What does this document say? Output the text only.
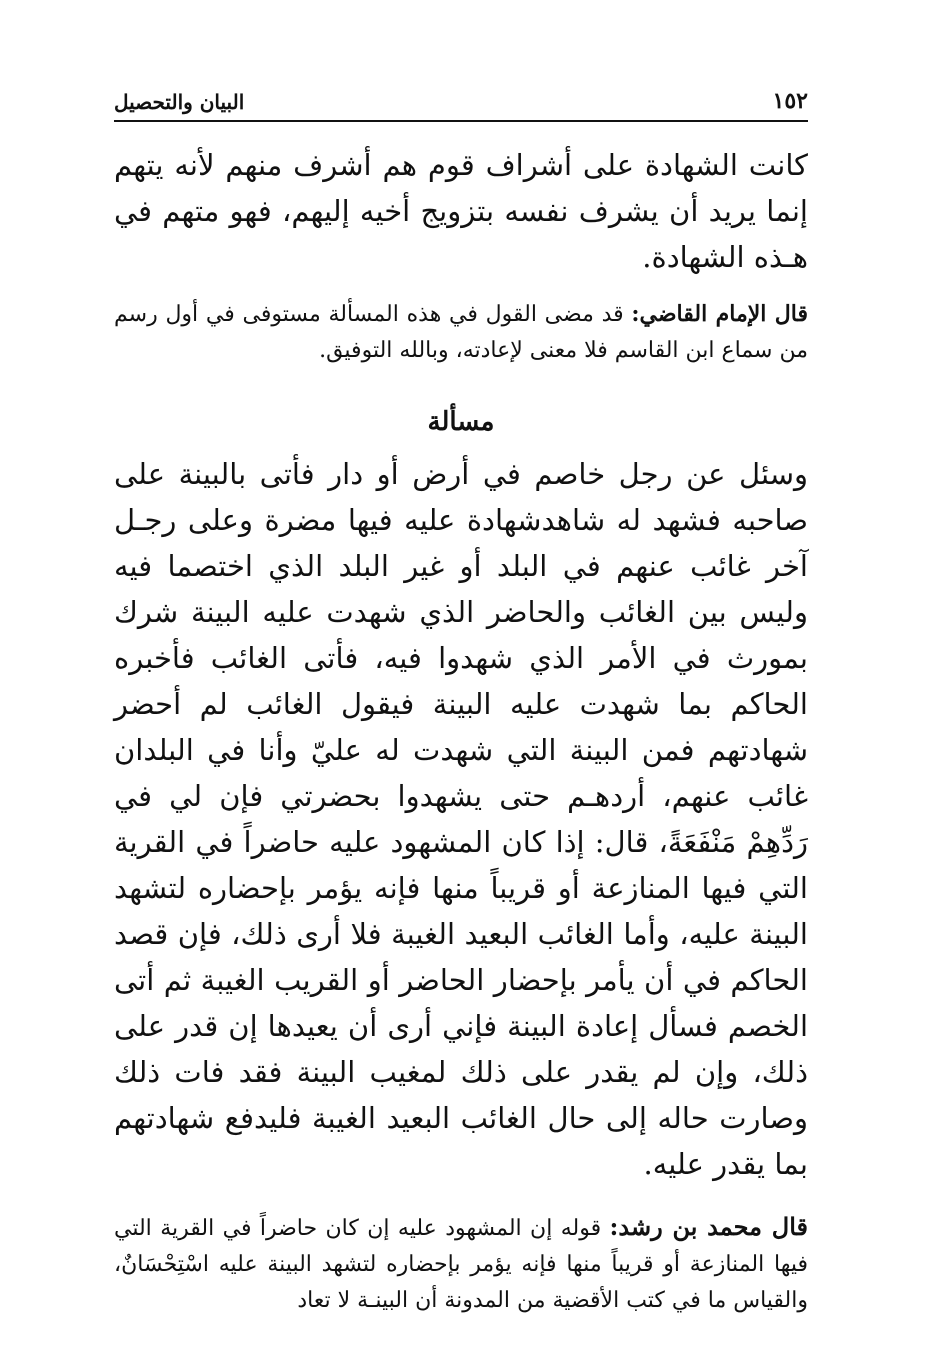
١٥٢
البيان والتحصيل

كانت الشهادة على أشراف قوم هم أشرف منهم لأنه يتهم إنما يريد أن يشرف نفسه بتزويج أخيه إليهم، فهو متهم في هـذه الشهادة.

قال الإمام القاضي: قد مضى القول في هذه المسألة مستوفى في أول رسم من سماع ابن القاسم فلا معنى لإعادته، وبالله التوفيق.

مسألة

وسئل عن رجل خاصم في أرض أو دار فأتى بالبينة على صاحبه فشهد له شاهدشهادة عليه فيها مضرة وعلى رجـل آخر غائب عنهم في البلد أو غير البلد الذي اختصما فيه وليس بين الغائب والحاضر الذي شهدت عليه البينة شرك بمورث في الأمر الذي شهدوا فيه، فأتى الغائب فأخبره الحاكم بما شهدت عليه البينة فيقول الغائب لم أحضر شهادتهم فمن البينة التي شهدت له عليّ وأنا في البلدان غائب عنهم، أردهـم حتى يشهدوا بحضرتي فإن لي في رَدِّهِمْ مَنْفَعَةً، قال: إذا كان المشهود عليه حاضراً في القرية التي فيها المنازعة أو قريباً منها فإنه يؤمر بإحضاره لتشهد البينة عليه، وأما الغائب البعيد الغيبة فلا أرى ذلك، فإن قصد الحاكم في أن يأمر بإحضار الحاضر أو القريب الغيبة ثم أتى الخصم فسأل إعادة البينة فإني أرى أن يعيدها إن قدر على ذلك، وإن لم يقدر على ذلك لمغيب البينة فقد فات ذلك وصارت حاله إلى حال الغائب البعيد الغيبة فليدفع شهادتهم بما يقدر عليه.

قال محمد بن رشد: قوله إن المشهود عليه إن كان حاضراً في القرية التي فيها المنازعة أو قريباً منها فإنه يؤمر بإحضاره لتشهد البينة عليه اسْتِحْسَانٌ، والقياس ما في كتب الأقضية من المدونة أن البينـة لا تعاد
